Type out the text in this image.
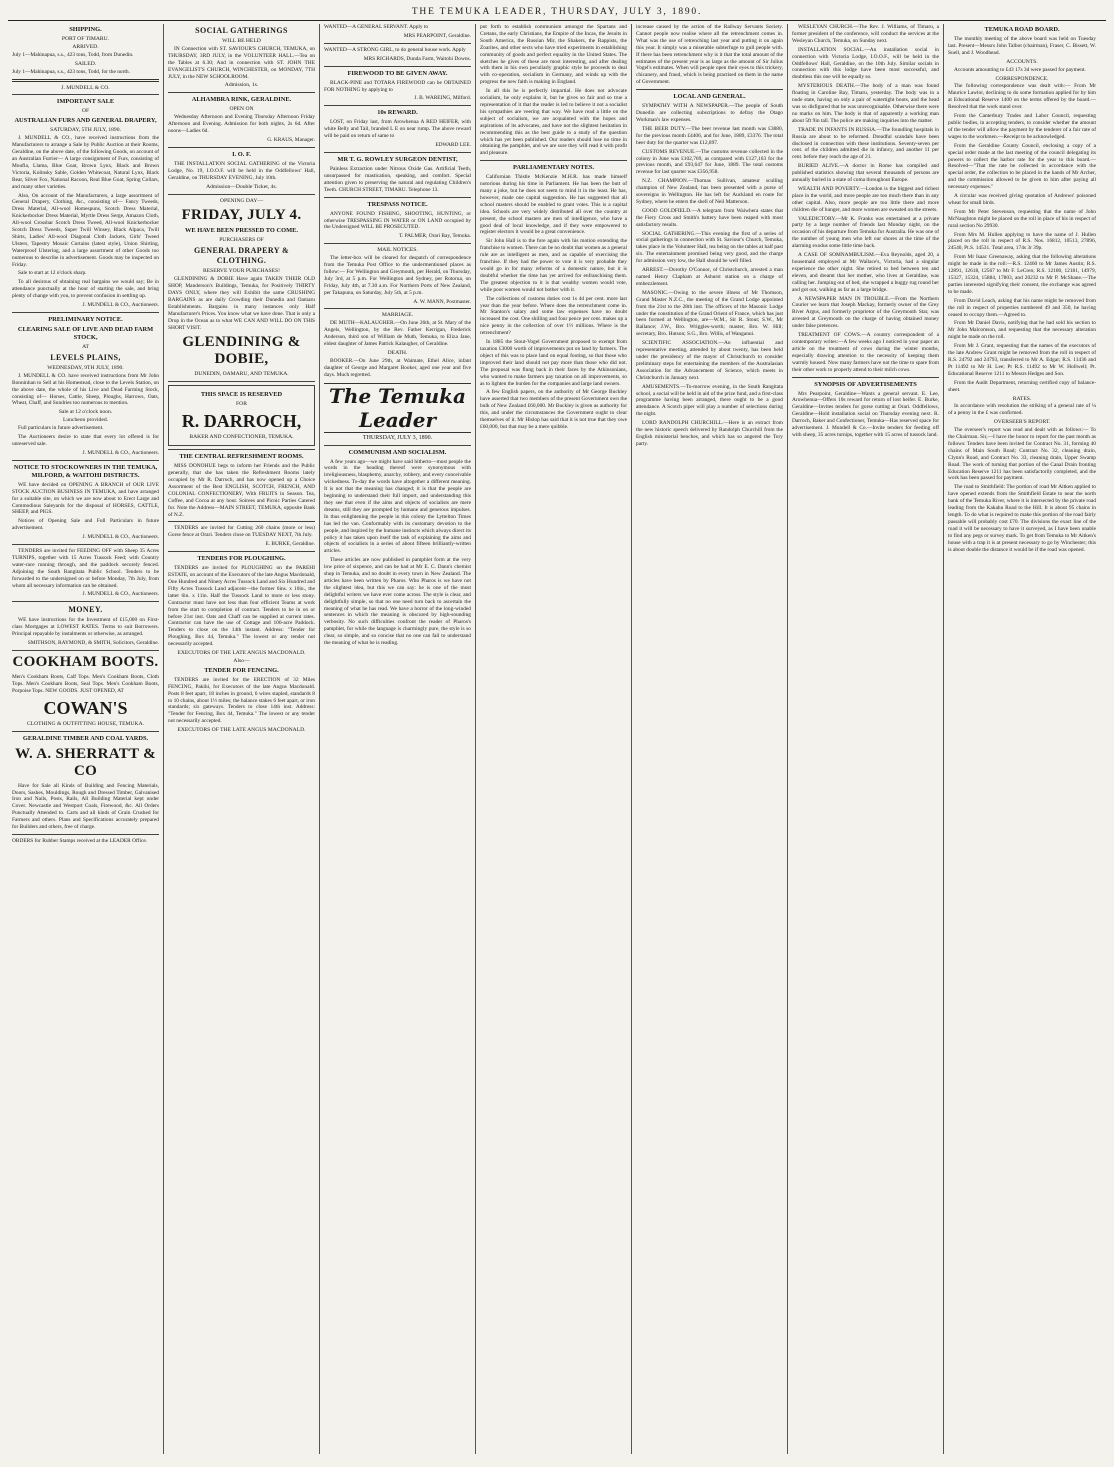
THE TEMUKA LEADER, THURSDAY, JULY 3, 1890.
SHIPPING.
PORT OF TIMARU.
ARRIVED.

July 1—Mahinapua, s.s., 423 tons, Todd, from Dunedin.

SAILED.

July 1—Mahinapua, s.s., 423 tons, Todd, for the north.

J. MUNDELL & CO.
IMPORTANT SALE
OF
AUSTRALIAN FURS AND GENERAL DRAPERY,
SATURDAY, 5TH JULY, 1890.

J. MUNDELL & CO., have received instructions from the Manufacturers to arrange a Sale by Public Auction at their Rooms, Geraldine, on the above date, of the following Goods, on account of an Australian Furrier— A large consignment of Furs, consisting of Moufla, Llama, Blue Goat, Brown Lynx, Black and Brown Victoria, Kolinsky Sable, Golden Whitecoat, Natural Lynx, Black Bear, Silver Fox, National Racoon, Real Blue Goat, Spring Collars, and many other varieties.

Also, On account of the Manufacturers, a large assortment of General Drapery, Clothing, &c., consisting of— Fancy Tweeds, Dress Material, All-wool Homespuns, Scotch Dress Material, Knickerbocker Dress Material, Myrtle Dress Serge, Amazon Cloth, All-wool Crossbar Scotch Dress Tweed, All-wool Knickerbocker Scotch Dress Tweeds, Super Twill Winsey, Black Alpaca, Twill Shirts, Ladies' All-wool Diagonal Cloth Jackets, Girls' Tweed Ulsters, Tapestry Mosaic Curtains (latest style), Union Shirting, Waterproof Ulstering, and a large assortment of other Goods too numerous to describe in advertisement. Goods may be inspected on Friday.

Sale to start at 12 o'clock sharp.

To all desirous of obtaining real bargains we would say; Be in attendance punctually at the hour of starting the sale, and bring plenty of change with you, to prevent confusion in settling up.

J. MUNDELL & CO., Auctioneers.
PRELIMINARY NOTICE.
CLEARING SALE OF LIVE AND DEAD FARM STOCK,
AT
LEVELS PLAINS,
WEDNESDAY, 9TH JULY, 1890.

J. MUNDELL & CO. have received instructions from Mr John Bonninhan to Sell at his Homestead, close to the Levels Station, on the above date, the whole of his Live and Dead Farming Stock, consisting of— Horses, Cattle, Sheep, Ploughs, Harrows, Oats, Wheat, Chaff, and Sundries too numerous to mention.

Sale at 12 o'clock noon.
Luncheon provided.

Full particulars in future advertisement.

The Auctioneers desire to state that every lot offered is for unreserved sale.

J. MUNDELL & CO., Auctioneers.
NOTICE TO STOCKOWNERS IN THE TEMUKA, MILFORD, & WAITOHI DISTRICTS.

WE have decided on OPENING A BRANCH of OUR LIVE STOCK AUCTION BUSINESS IN TEMUKA, and have arranged for a suitable site, on which we are now about to Erect Large and Commodious Saleyards for the disposal of HORSES, CATTLE, SHEEP, and PIGS.

Notices of Opening Sale and Full Particulars in future advertisement.

J. MUNDELL & CO., Auctioneers.

TENDERS are invited for FEEDING OFF with Sheep 35 Acres TURNIPS, together with 15 Acres Tussock Feed; with Country water-race running through, and the paddock securely fenced. Adjoining the South Rangitata Public School. Tenders to be forwarded to the undersigned on or before Monday, 7th July, from whom all necessary information can be obtained.

J. MUNDELL & CO., Auctioneers.
MONEY.

WE have instructions for the Investment of £15,000 on First-class Mortgages at LOWEST RATES. Terms to suit Borrowers. Principal repayable by instalments or otherwise, as arranged.

SMITHSON, RAYMOND, & SMITH, Solicitors, Geraldine.
COOKHAM BOOTS.

Men's Cookham Boots, Calf Tops. Men's Cookham Boots, Cloth Tops. Men's Cookham Boots, Seal Tops. Men's Cookham Boots, Porpoise Tops. NEW GOODS. JUST OPENED, AT

COWAN'S
CLOTHING & OUTFITTING HOUSE, TEMUKA.
GERALDINE TIMBER AND COAL YARDS.
W. A. SHERRATT & CO

Have for Sale all Kinds of Building and Fencing Materials, Doors, Sashes, Mouldings, Rough and Dressed Timber, Galvanised Iron and Nails, Posts, Rails, All Building Material kept under Cover. Newcastle and Westport Coals, Firewood, &c. All Orders Punctually Attended to. Carts and all kinds of Grain Crushed for Farmers and others. Plans and Specifications accurately prepared for Builders and others, free of charge.

ORDERS for Rubber Stamps received at the LEADER Office.

SOCIAL GATHERINGS
WILL BE HELD

IN Connection with ST. SAVIOUR'S CHURCH, TEMUKA, on THURSDAY, 3RD JULY, in the VOLUNTEER HALL.—Tea on the Tables at 6.30; And in connection with ST. JOHN THE EVANGELIST'S CHURCH, WINCHESTER, on MONDAY, 7TH JULY, in the NEW SCHOOLROOM.

Admission, 1s.
ALHAMBRA RINK, GERALDINE.
OPEN ON

Wednesday Afternoon and Evening Thursday Afternoon Friday Afternoon and Evening. Admission for both nights, 2s 6d. After noons—Ladies 6d.

G. KRAUS, Manager.
I. O. F.

THE INSTALLATION SOCIAL GATHERING of the Victoria Lodge, No. 19, I.O.O.F. will be held in the Oddfellows' Hall, Geraldine, on THURSDAY EVENING, July 10th.

Admission—Double Ticket, 4s.
OPENING DAY—
FRIDAY, JULY 4.
WE HAVE BEEN PRESSED TO COME.
PURCHASERS OF
GENERAL DRAPERY & CLOTHING.
RESERVE YOUR PURCHASES!

GLENDINING & DOBIE Have again TAKEN THEIR OLD SHOP, Manderson's Buildings, Temuka, for Positively THIRTY DAYS ONLY, where they will Exhibit the same CRUSHING BARGAINS as are daily Crowding their Dunedin and Oamaru Establishments. Bargains in many instances only Half Manufacturer's Prices. You know what we have done. That is only a Drop in the Ocean as to what WE CAN AND WILL DO ON THIS SHORT VISIT.

GLENDINING & DOBIE,
DUNEDIN, OAMARU, AND TEMUKA.
THIS SPACE IS RESERVED
FOR
R. DARROCH,
BAKER AND CONFECTIONER, TEMUKA.
THE CENTRAL REFRESHMENT ROOMS.

MISS DONOHUE begs to inform her Friends and the Public generally, that she has taken the Refreshment Rooms lately occupied by Mr R. Darroch, and has now opened up a Choice Assortment of the Best ENGLISH, SCOTCH, FRENCH, AND COLONIAL CONFECTIONERY, With FRUITS in Season. Tea, Coffee, and Cocoa at any hour. Soirees and Picnic Parties Catered for. Note the Address—MAIN STREET, TEMUKA, opposite Bank of N.Z.

TENDERS are invited for Cutting 260 chains (more or less) Gorse fence at Orari. Tenders close on TUESDAY NEXT, 7th July.

E. BURKE, Geraldine.
TENDERS FOR PLOUGHING.

TENDERS are invited for PLOUGHING on the PAREHI ESTATE, on account of the Executors of the late Angus Macdonald, One Hundred and Ninety Acres Tussock Land and Six Hundred and Fifty Acres Tussock Land adjacent—the former 6ins. x 10in., the latter 6in. x 11in. Half the Tussock Land to more or less stony. Contractor must have not less than four efficient Teams at work from the start to completion of contract. Tenders to be in on or before 21st inst. Oats and Chaff can be supplied at current rates. Contractor can have the use of Cottage and 100-acre Paddock. Tenders to close on the 14th instant. Address: "Tender for Ploughing, Box 44, Temuka." The lowest or any tender not necessarily accepted.

EXECUTORS OF THE LATE ANGUS MACDONALD.
Also—
TENDER FOR FENCING.

TENDERS are invited for the ERECTION of 32 Miles FENCING, Pakihi, for Executors of the late Angus Macdonald. Posts 8 feet apart, 18 inches in ground, 6 wires stapled, standards 8 to 10 chains, about 1½ miles; the balance stakes 6 feet apart, or iron standards; six gateways. Tenders to close 14th inst. Address: "Tender for Fencing, Box 44, Temuka." The lowest or any tender not necessarily accepted.

EXECUTORS OF THE LATE ANGUS MACDONALD.

WANTED—A GENERAL SERVANT. Apply to

MRS PEARPOINT, Geraldine.

WANTED—A STRONG GIRL, to do general house work. Apply

MRS RICHARDS, Dunda Farm, Waitohi Downs.
FIREWOOD TO BE GIVEN AWAY.

BLACK-PINE and TOTARA FIREWOOD can be OBTAINED FOR NOTHING by applying to

J. B. WAREING, Milford.
10s REWARD.

LOST, on Friday last, from Arowhenua A RED HEIFER, with white Belly and Tail, branded L E on near rump. The above reward will be paid on return of same to

EDWARD LEE.
MR T. G. ROWLEY SURGEON DENTIST,

Painless Extraction under Nitrous Oxide Gas. Artificial Teeth, unsurpassed for mastication, speaking, and comfort. Special attention given to preserving the natural and regulating Children's Teeth. CHURCH STREET, TIMARU. Telephone 13.

TRESPASS NOTICE.

ANYONE FOUND FISHING, SHOOTING, HUNTING, or otherwise TRESPASSING IN WATER or ON LAND occupied by the Undersigned WILL BE PROSECUTED.

T. PALMER, Orari Bay, Temuka.
MAIL NOTICES.

The letter-box will be cleared for despatch of correspondence from the Temuka Post Office to the undermentioned places as follow:— For Wellington and Greymouth, per Herald, on Thursday, July 3rd, at 5 p.m. For Wellington and Sydney, per Rotorua, on Friday, July 4th, at 7.30 a.m. For Northern Ports of New Zealand, per Takapuna, on Saturday, July 5th, at 5 p.m.

A. W. MANN, Postmaster.
MARRIAGE.

DE MUTH—KALAUGHER.—On June 26th, at St. Mary of the Angels, Wellington, by the Rev. Father Kerrigan, Frederick Anderson, third son of William de Muth, Temuka, to Eliza Jane, eldest daughter of James Patrick Kalaugher, of Geraldine.

DEATH.

BOOKER.—On June 29th, at Waimate, Ethel Alice, infant daughter of George and Margaret Booker, aged one year and five days. Much regretted.

The Temuka Leader
THURSDAY, JULY 3, 1890.
COMMUNISM AND SOCIALISM.

A few years ago—we might have said hitherto—most people the words in the heading thereof were synonymous with irreligiousness, blasphemy, anarchy, robbery, and every conceivable wickedness. To-day the words have altogether a different meaning. It is not that the meaning has changed; it is that the people are beginning to understand their full import, and understanding this they see that even if the aims and objects of socialists are mere dreams, still they are prompted by humane and generous impulses. In thus enlightening the people in this colony the Lyttelton Times has led the van. Conformably with its customary devotion to the people, and inspired by the humane instincts which always direct its policy it has taken upon itself the task of explaining the aims and objects of socialists in a series of about fifteen brilliantly-written articles.

These articles are now published in pamphlet form at the very low price of sixpence, and can be had at Mr E. C. Dann's chemist shop in Temuka, and no doubt in every town in New Zealand. The articles have been written by Pharos. Who Pharos is we have not the slightest idea, but this we can say: he is one of the most delightful writers we have ever come across. The style is clear, and delightfully simple, so that no one need turn back to ascertain the meaning of what he has read. We have a horror of the long-winded sentences in which the meaning is obscured by high-sounding verbosity. No such difficulties confront the reader of Pharos's pamphlet, for while the language is charmingly pure, the style is so clear, so simple, and so concise that no one can fail to understand the meaning of what he is reading.

put forth to establish communism amongst the Spartans and Cretans, the early Christians, the Empire of the Incas, the Jesuits in South America, the Russian Mir, the Shakers, the Rappists, the Zoarites, and other sects who have tried experiments in establishing community of goods and perfect equality in the United States. The sketches he gives of these are most interesting, and after dealing with them in his own peculiarly graphic style he proceeds to deal with co-operation, socialism in Germany, and winds up with the progress the new faith is making in England.

In all this he is perfectly impartial. He does not advocate socialism, he only explains it, but he gives so fair and so true a representation of it that the reader is led to believe it not a socialist his sympathies are veering that way. We have read a little on the subject of socialism, we are acquainted with the hopes and aspirations of its advocates, and have not the slightest hesitation in recommending this as the best guide to a study of the question which has yet been published. Our readers should lose no time in obtaining the pamphlet, and we are sure they will read it with profit and pleasure.

PARLIAMENTARY NOTES.

Californian Thistle McKenzie M.H.R. has made himself notorious during his time in Parliament. He has been the butt of many a joke, but he does not seem to mind it in the least. He has, however, made one capital suggestion. He has suggested that all school masters should be enabled to grant votes. This is a capital idea. Schools are very widely distributed all over the country at present, the school masters are men of intelligence, who have a good deal of local knowledge, and if they were empowered to register electors it would be a great convenience.

Sir John Hall is to the fore again with his motion extending the franchise to women. There can be no doubt that women as a general rule are as intelligent as men, and as capable of exercising the franchise. If they had the power to vote it is very probable they would go in for many reforms of a domestic nature, but it is doubtful whether the time has yet arrived for enfranchising them. The greatest objection to it is that wealthy women would vote, while poor women would not bother with it.

The collections of customs duties cost 1s 4d per cent. more last year than the year before. Where does the retrenchment come in. Mr Stanton's salary and some law expenses have no doubt increased the cost. One shilling and four pence per cent. makes up a nice penny in the collection of over 1½ millions. Where is the retrenchment?

In 1885 the Stout-Vogel Government proposed to exempt from taxation £3000 worth of improvements put on land by farmers. The object of this was to place land on equal footing, so that those who improved their land should not pay more than those who did not. The proposal was flung back in their faces by the Atkinsonians, who wanted to make farmers pay taxation on all improvements, so as to lighten the burden for the companies and large land owners.

A few English papers, on the authority of Mr George Buckley have asserted that two members of the present Government own the bulk of New Zealand £60,000. Mr Buckley is given as authority for this, and under the circumstances the Government ought to clear themselves of it. Mr Hislop has said that it is not true that they owe £60,000, but that may be a mere quibble.

increase caused by the action of the Railway Servants Society. Cannot people now realise where all the retrenchment comes in. What was the use of retrenching last year and putting it on again this year. It simply was a miserable subterfuge to gull people with. If there has been retrenchment why is it that the total amount of the estimates of the present year is as large as the amount of Sir Julius Vogel's estimates. When will people open their eyes to this trickery, chicanery, and fraud, which is being practised on them in the name of Government.

LOCAL AND GENERAL.

SYMPATHY WITH A NEWSPAPER.—The people of South Dunedin are collecting subscriptions to defray the Otago Workman's law expenses.

THE BEER DUTY.—The beer revenue last month was £3880, for the previous month £4406, and for June, 1889, £3376. The total beer duty for the quarter was £12,897.

CUSTOMS REVENUE.—The customs revenue collected in the colony in June was £102,769, as compared with £127,163 for the previous month, and £93,647 for June, 1889. The total customs revenue for last quarter was £356,958.

N.Z. CHAMPION.—Thomas Sullivan, amateur sculling champion of New Zealand, has been presented with a purse of sovereigns in Wellington. He has left for Auckland en route for Sydney, where he enters the shell of Neil Matterson.

GOOD GOLDFIELD.—A telegram from Waiwhera states that the Fiery Cross and Smith's battery have been reaped with most satisfactory results.

SOCIAL GATHERING.—This evening the first of a series of social gatherings in connection with St. Saviour's Church, Temuka, takes place in the Volunteer Hall, tea being on the tables at half past six. The entertainment promised being very good, and the charge for admission very low, the Hall should be well filled.

ARREST.—Dorothy O'Connor, of Christchurch, arrested a man named Henry Clapham at Ashurst station on a charge of embezzlement.

MASONIC.—Owing to the severe illness of Mr Thomson, Grand Master N.Z.C., the meeting of the Grand Lodge appointed from the 21st to the 28th inst. The officers of the Masonic Lodge under the constitution of the Grand Orient of France, which has just been formed at Wellington, are—W.M., Sir R. Stout; S.W., Mr Ballance; J.W., Bro. Wriggles-worth; master, Bro. W. Hill; secretary, Bro. Hutson; S.G., Bro. Willis, of Wanganui.

SCIENTIFIC ASSOCIATION.—An influential and representative meeting, attended by about twenty, has been held under the presidency of the mayor of Christchurch to consider preliminary steps for entertaining the members of the Australasian Association for the Advancement of Science, which meets in Christchurch in January next.

AMUSEMENTS.—To-morrow evening, in the South Rangitata school, a social will be held in aid of the prize fund, and a first-class programme having been arranged, there ought to be a good attendance. A Scotch piper will play a number of selections during the night.

LORD RANDOLPH CHURCHILL.—Here is an extract from the new historic speech delivered by Randolph Churchill from the English ministerial benches, and which has so angered the Tory party.

WESLEYAN CHURCH.—The Rev. J. Williams, of Timaru, a former president of the conference, will conduct the services at the Wesleyan Church, Temuka, on Sunday next.

INSTALLATION SOCIAL.—An installation social in connection with Victoria Lodge, I.O.O.F., will be held in the Oddfellows' Hall, Geraldine, on the 10th July. Similar socials in connection with this lodge have been most successful, and doubtless this one will be equally so.

MYSTERIOUS DEATH.—The body of a man was found floating in Caroline Bay, Timaru, yesterday. The body was in a nude state, having on only a pair of watertight boots, and the head was so disfigured that he was unrecognisable. Otherwise there were no marks on him. The body is that of apparently a working man about 5ft 9in tall. The police are making inquiries into the matter.

TRADE IN INFANTS IN RUSSIA.—The foundling hospitals in Russia are about to be reformed. Dreadful scandals have been disclosed in connection with these institutions. Seventy-seven per cent. of the children admitted die in infancy, and another 11 per cent. before they reach the age of 21.

BURIED ALIVE.—A doctor in Rome has compiled and published statistics showing that several thousands of persons are annually buried in a state of coma throughout Europe.

WEALTH AND POVERTY.—London is the biggest and richest place in the world, and more people are too much there than in any other capital. Also, more people are too little there and more children die of hunger, and more women are sweated on the streets.

VALEDICTORY.—Mr K. Franks was entertained at a private party by a large number of friends last Monday night, on the occasion of his departure from Temuka for Australia. He was one of the number of young men who left our shores at the time of the alarming exodus some little time back.

A CASE OF SOMNAMBULISM.—Eva Reynolds, aged 20, a housemaid employed at Mr Wallace's, Victoria, had a singular experience the other night. She retired to bed between ten and eleven, and dreamt that her mother, who lives at Geraldine, was calling her. Jumping out of bed, she wrapped a buggy rug round her and got out, walking as far as a large bridge.

A NEWSPAPER MAN IN TROUBLE.—From the Northern Courier we learn that Joseph Mackay, formerly owner of the Grey River Argus, and formerly proprietor of the Greymouth Star, was arrested at Greymouth on the charge of having obtained money under false pretences.

TREATMENT OF COWS.—A country correspondent of a contemporary writes:—A few weeks ago I noticed in your paper an article on the treatment of cows during the winter months, especially drawing attention to the necessity of keeping them warmly housed. Now many farmers have not the time to spare from their other work to properly attend to their milch cows.

SYNOPSIS OF ADVERTISEMENTS

Mrs Pearpoint, Geraldine—Wants a general servant. E. Lee, Arowhenua—Offers 10s reward for return of lost heifer. E. Burke, Geraldine—Invites tenders for gorse cutting at Orari. Oddfellows, Geraldine—Hold installation social on Thursday evening next. R. Darroch, Baker and Confectioner, Temuka—Has reserved space for advertisement. J. Mundell & Co.—Invite tenders for feeding off with sheep, 35 acres turnips, together with 15 acres of tussock land.

TEMUKA ROAD BOARD.

The monthly meeting of the above board was held on Tuesday last. Present—Messrs John Talbot (chairman), Fraser, C. Bissett, W. Suell, and J. Woodhead.

ACCOUNTS.

Accounts amounting to £43 17s 3d were passed for payment.

CORRESPONDENCE.

The following correspondence was dealt with:— From Mr Maurice Lawlor, declining to do some formation applied for by him at Educational Reserve 1400 on the terms offered by the board.—Resolved that the work stand over.

From the Canterbury Trades and Labor Council, requesting public bodies, in accepting tenders, to consider whether the amount of the tender will allow the payment by the tenderer of a fair rate of wages to the workmen.—Receipt to be acknowledged.

From the Geraldine County Council, enclosing a copy of a special order made at the last meeting of the council delegating its powers to collect the harbor rate for the year to this board.—Resolved—"That the rate be collected in accordance with the special order, the collection to be placed in the hands of Mr Archer, and the commission allowed to be given to him after paying all necessary expenses."

A circular was received giving quotation of Andrews' poisoned wheat for small birds.

From Mr Peter Stevenson, requesting that the name of John McNaughton might be placed on the roll in place of his in respect of rural section No 29930.

From Mrs M. Hullen applying to have the name of J. Hullen placed on the roll in respect of R.S. Nos. 16812, 10513, 27896, 24540, Pt.S. 14531. Total area, 174s 3r 39p.

From Mr Isaac Greenaway, asking that the following alterations might be made in the roll:—R.S. 12460 to Mr James Austin; R.S. 12891, 12618, 12567 to Mr F. LeCren; R.S. 12180, 12181, 14979, 15327, 15324, 15884, 17803, and 20232 to Mr P. McShane.—The parties interested signifying their consent, the exchange was agreed to be made.

From David Leach, asking that his name might be removed from the roll in respect of properties numbered 49 and 350, he having ceased to occupy them.—Agreed to.

From Mr Daniel Davis, notifying that he had sold his section to Mr John Malcomson, and requesting that the necessary alteration might be made on the roll.

From Mr J. Grant, requesting that the names of the executors of the late Andrew Grant might be removed from the roll in respect of R.S. 24792 and 24793, transferred to Mr A. Edgar; R.S. 11436 and Pt 11492 to Mr H. Lee; Pt R.S. 11492 to Mr W. Hollwell; Pt. Educational Reserve 1211 to Messrs Hedges and Son.

From the Audit Department, returning certified copy of balance-sheet.

RATES.

In accordance with resolution the striking of a general rate of ¼ of a penny in the £ was confirmed.

OVERSEER'S REPORT.

The overseer's report was read and dealt with as follows:— To the Chairman. Sir,—I have the honor to report for the past month as follows: Tenders have been invited for Contract No. 31, forming 40 chains of Main South Road; Contract No. 32, cleaning drain, Clynn's Road, and Contract No. 33, cleaning drain, Upper Swamp Road. The work of turning that portion of the Canal Drain fronting Education Reserve 1211 has been satisfactorily completed, and the work has been passed for payment.

The road to Smithfield: The portion of road Mr Aitken applied to have opened extends from the Smithfield Estate to near the north bank of the Temuka River, where it is intersected by the private road leading from the Kakahu Road to the Hill. It is about 95 chains in length. To do what is required to make this portion of the road fairly passable will probably cost £70. The divisions the exact line of the road it will be necessary to have it surveyed, as I have been unable to find any pegs or survey mark. To get from Temuka to Mr Aitken's house with a trap it is at present necessary to go by Winchester; this is about double the distance it would be if the road was opened.
